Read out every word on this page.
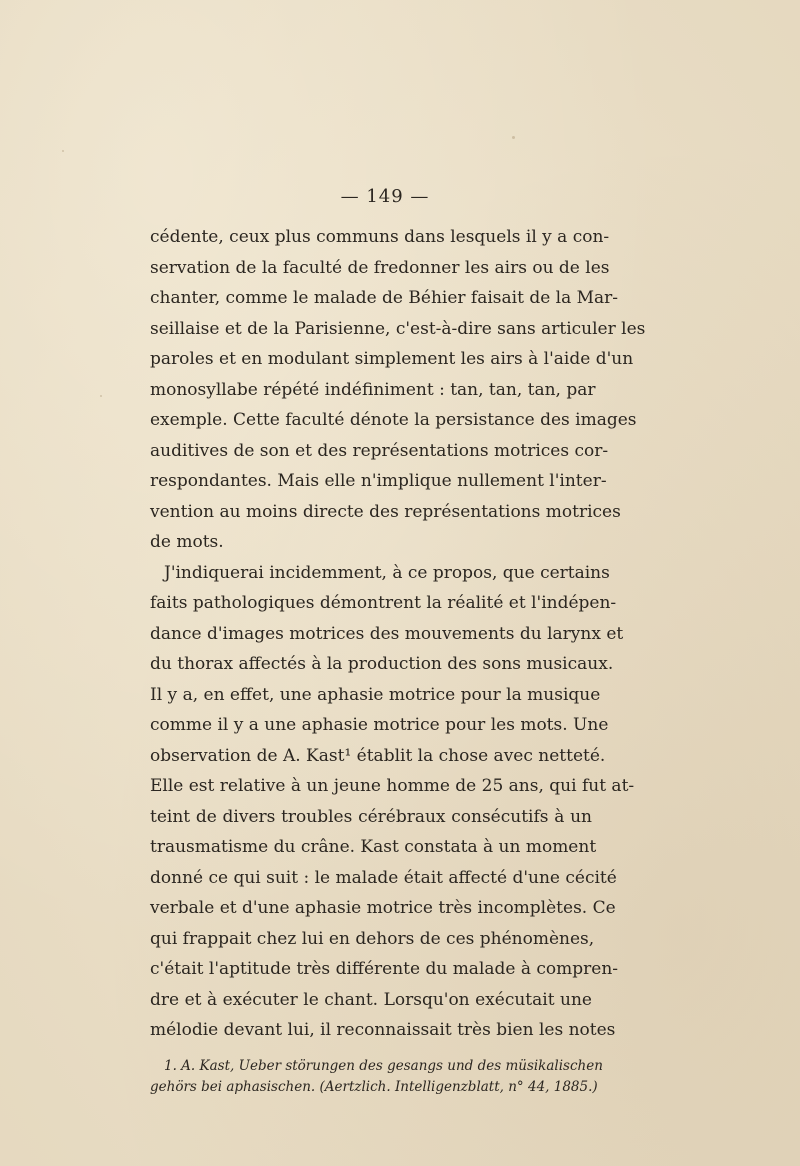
— 149 —
cédente, ceux plus communs dans lesquels il y a con-
servation de la faculté de fredonner les airs ou de les
chanter, comme le malade de Béhier faisait de la Mar-
seillaise et de la Parisienne, c'est-à-dire sans articuler les
paroles et en modulant simplement les airs à l'aide d'un
monosyllabe répété indéfiniment : tan, tan, tan, par
exemple. Cette faculté dénote la persistance des images
auditives de son et des représentations motrices cor-
respondantes. Mais elle n'implique nullement l'inter-
vention au moins directe des représentations motrices
de mots.
J'indiquerai incidemment, à ce propos, que certains
faits pathologiques démontrent la réalité et l'indépen-
dance d'images motrices des mouvements du larynx et
du thorax affectés à la production des sons musicaux.
Il y a, en effet, une aphasie motrice pour la musique
comme il y a une aphasie motrice pour les mots. Une
observation de A. Kast¹ établit la chose avec netteté.
Elle est relative à un jeune homme de 25 ans, qui fut at-
teint de divers troubles cérébraux consécutifs à un
trausmatisme du crâne. Kast constata à un moment
donné ce qui suit : le malade était affecté d'une cécité
verbale et d'une aphasie motrice très incomplètes. Ce
qui frappait chez lui en dehors de ces phénomènes,
c'était l'aptitude très différente du malade à compren-
dre et à exécuter le chant. Lorsqu'on exécutait une
mélodie devant lui, il reconnaissait très bien les notes
1. A. Kast, Ueber störungen des gesangs und des müsikalischen
gehörs bei aphasischen. (Aertzlich. Intelligenzblatt, n° 44, 1885.)
